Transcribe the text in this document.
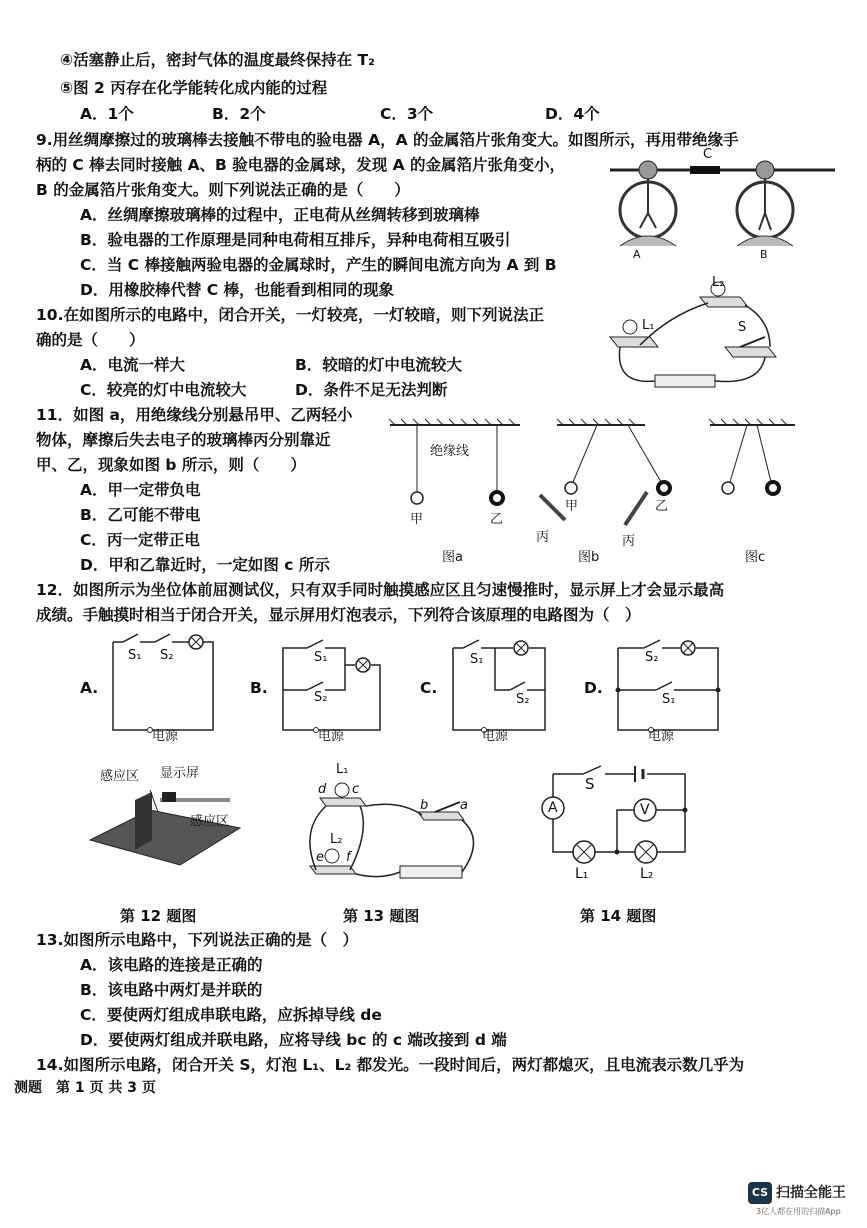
④活塞静止后，密封气体的温度最终保持在 T₂
⑤图 2 丙存在化学能转化成内能的过程
A．1个	B．2个	C．3个	D．4个
9.用丝绸摩擦过的玻璃棒去接触不带电的验电器 A，A 的金属箔片张角变大。如图所示，再用带绝缘手
柄的 C 棒去同时接触 A、B 验电器的金属球，发现 A 的金属箔片张角变小，
B 的金属箔片张角变大。则下列说法正确的是（　　）
A．丝绸摩擦玻璃棒的过程中，正电荷从丝绸转移到玻璃棒
B．验电器的工作原理是同种电荷相互排斥，异种电荷相互吸引
C．当 C 棒接触两验电器的金属球时，产生的瞬间电流方向为 A 到 B
D．用橡胶棒代替 C 棒，也能看到相同的现象
C
A	B
10.在如图所示的电路中，闭合开关，一灯较亮，一灯较暗，则下列说法正
确的是（　　）
A．电流一样大	B．较暗的灯中电流较大
C．较亮的灯中电流较大	D．条件不足无法判断
L₁
L₂
S
11．如图 a，用绝缘线分别悬吊甲、乙两轻小
物体，摩擦后失去电子的玻璃棒丙分别靠近
甲、乙，现象如图 b 所示，则（　　）
A．甲一定带负电
B．乙可能不带电
C．丙一定带正电
D．甲和乙靠近时，一定如图 c 所示
绝缘线
甲	乙
甲
丙
乙
丙
图a	图b	图c
12．如图所示为坐位体前屈测试仪，只有双手同时触摸感应区且匀速慢推时，显示屏上才会显示最高
成绩。手触摸时相当于闭合开关，显示屏用灯泡表示，下列符合该原理的电路图为（　）
A.	B.	C.	D.
S₁ S₂
电源
S₁
S₂
电源
S₁
S₂
电源
S₂
S₁
电源
感应区 显示屏
感应区
L₁
d c
L₂
b a
e f
S
A	V
L₁	L₂
第 12 题图	第 13 题图	第 14 题图
13.如图所示电路中，下列说法正确的是（　）
A．该电路的连接是正确的
B．该电路中两灯是并联的
C．要使两灯组成串联电路，应拆掉导线 de
D．要使两灯组成并联电路，应将导线 bc 的 c 端改接到 d 端
14.如图所示电路，闭合开关 S，灯泡 L₁、L₂ 都发光。一段时间后，两灯都熄灭，且电流表示数几乎为
测题　第 1 页 共 3 页
CS 扫描全能王
3亿人都在用的扫描App
